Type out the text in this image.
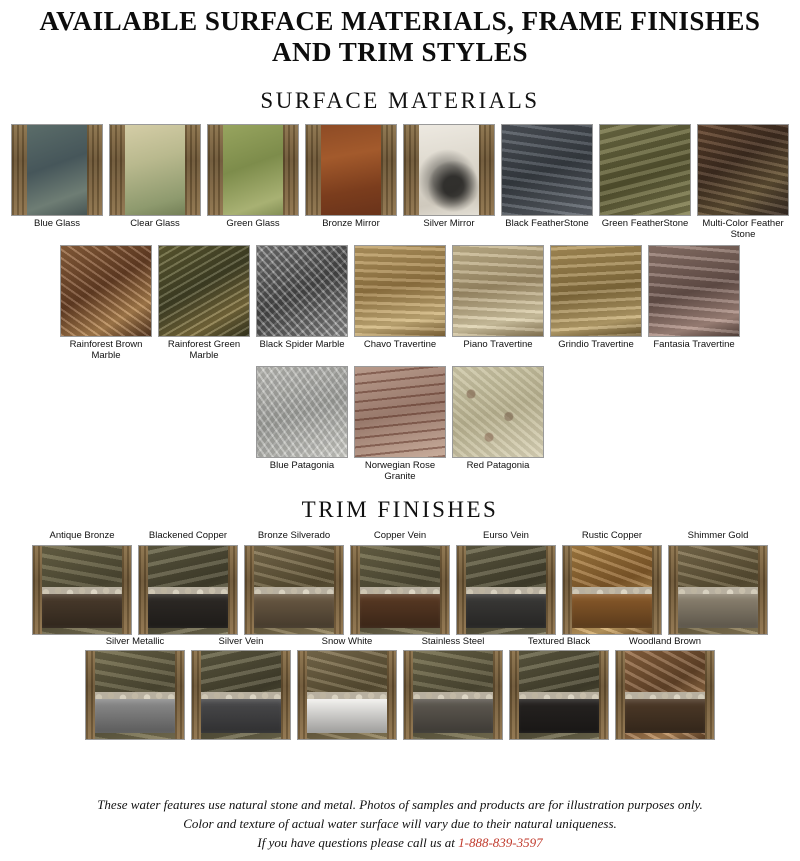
AVAILABLE SURFACE MATERIALS, FRAME FINISHES
AND TRIM STYLES
SURFACE MATERIALS
Blue Glass	Clear Glass	Green Glass	Bronze Mirror	Silver Mirror	Black FeatherStone	Green FeatherStone	Multi-Color Feather Stone
Rainforest Brown Marble
Rainforest Green Marble
Black Spider Marble	Chavo Travertine	Piano Travertine	Grindio Travertine	Fantasia Travertine
Blue Patagonia	Norwegian Rose Granite
Red Patagonia
TRIM FINISHES
Antique Bronze	Blackened Copper	Bronze Silverado	Copper Vein	Eurso Vein	Rustic Copper	Shimmer Gold
Silver Metallic	Silver Vein	Snow White	Stainless Steel	Textured Black	Woodland Brown
These water features use natural stone and metal. Photos of samples and products are for illustration purposes only.
Color and texture of actual water surface will vary due to their natural uniqueness.
If you have questions please call us at 1-888-839-3597
